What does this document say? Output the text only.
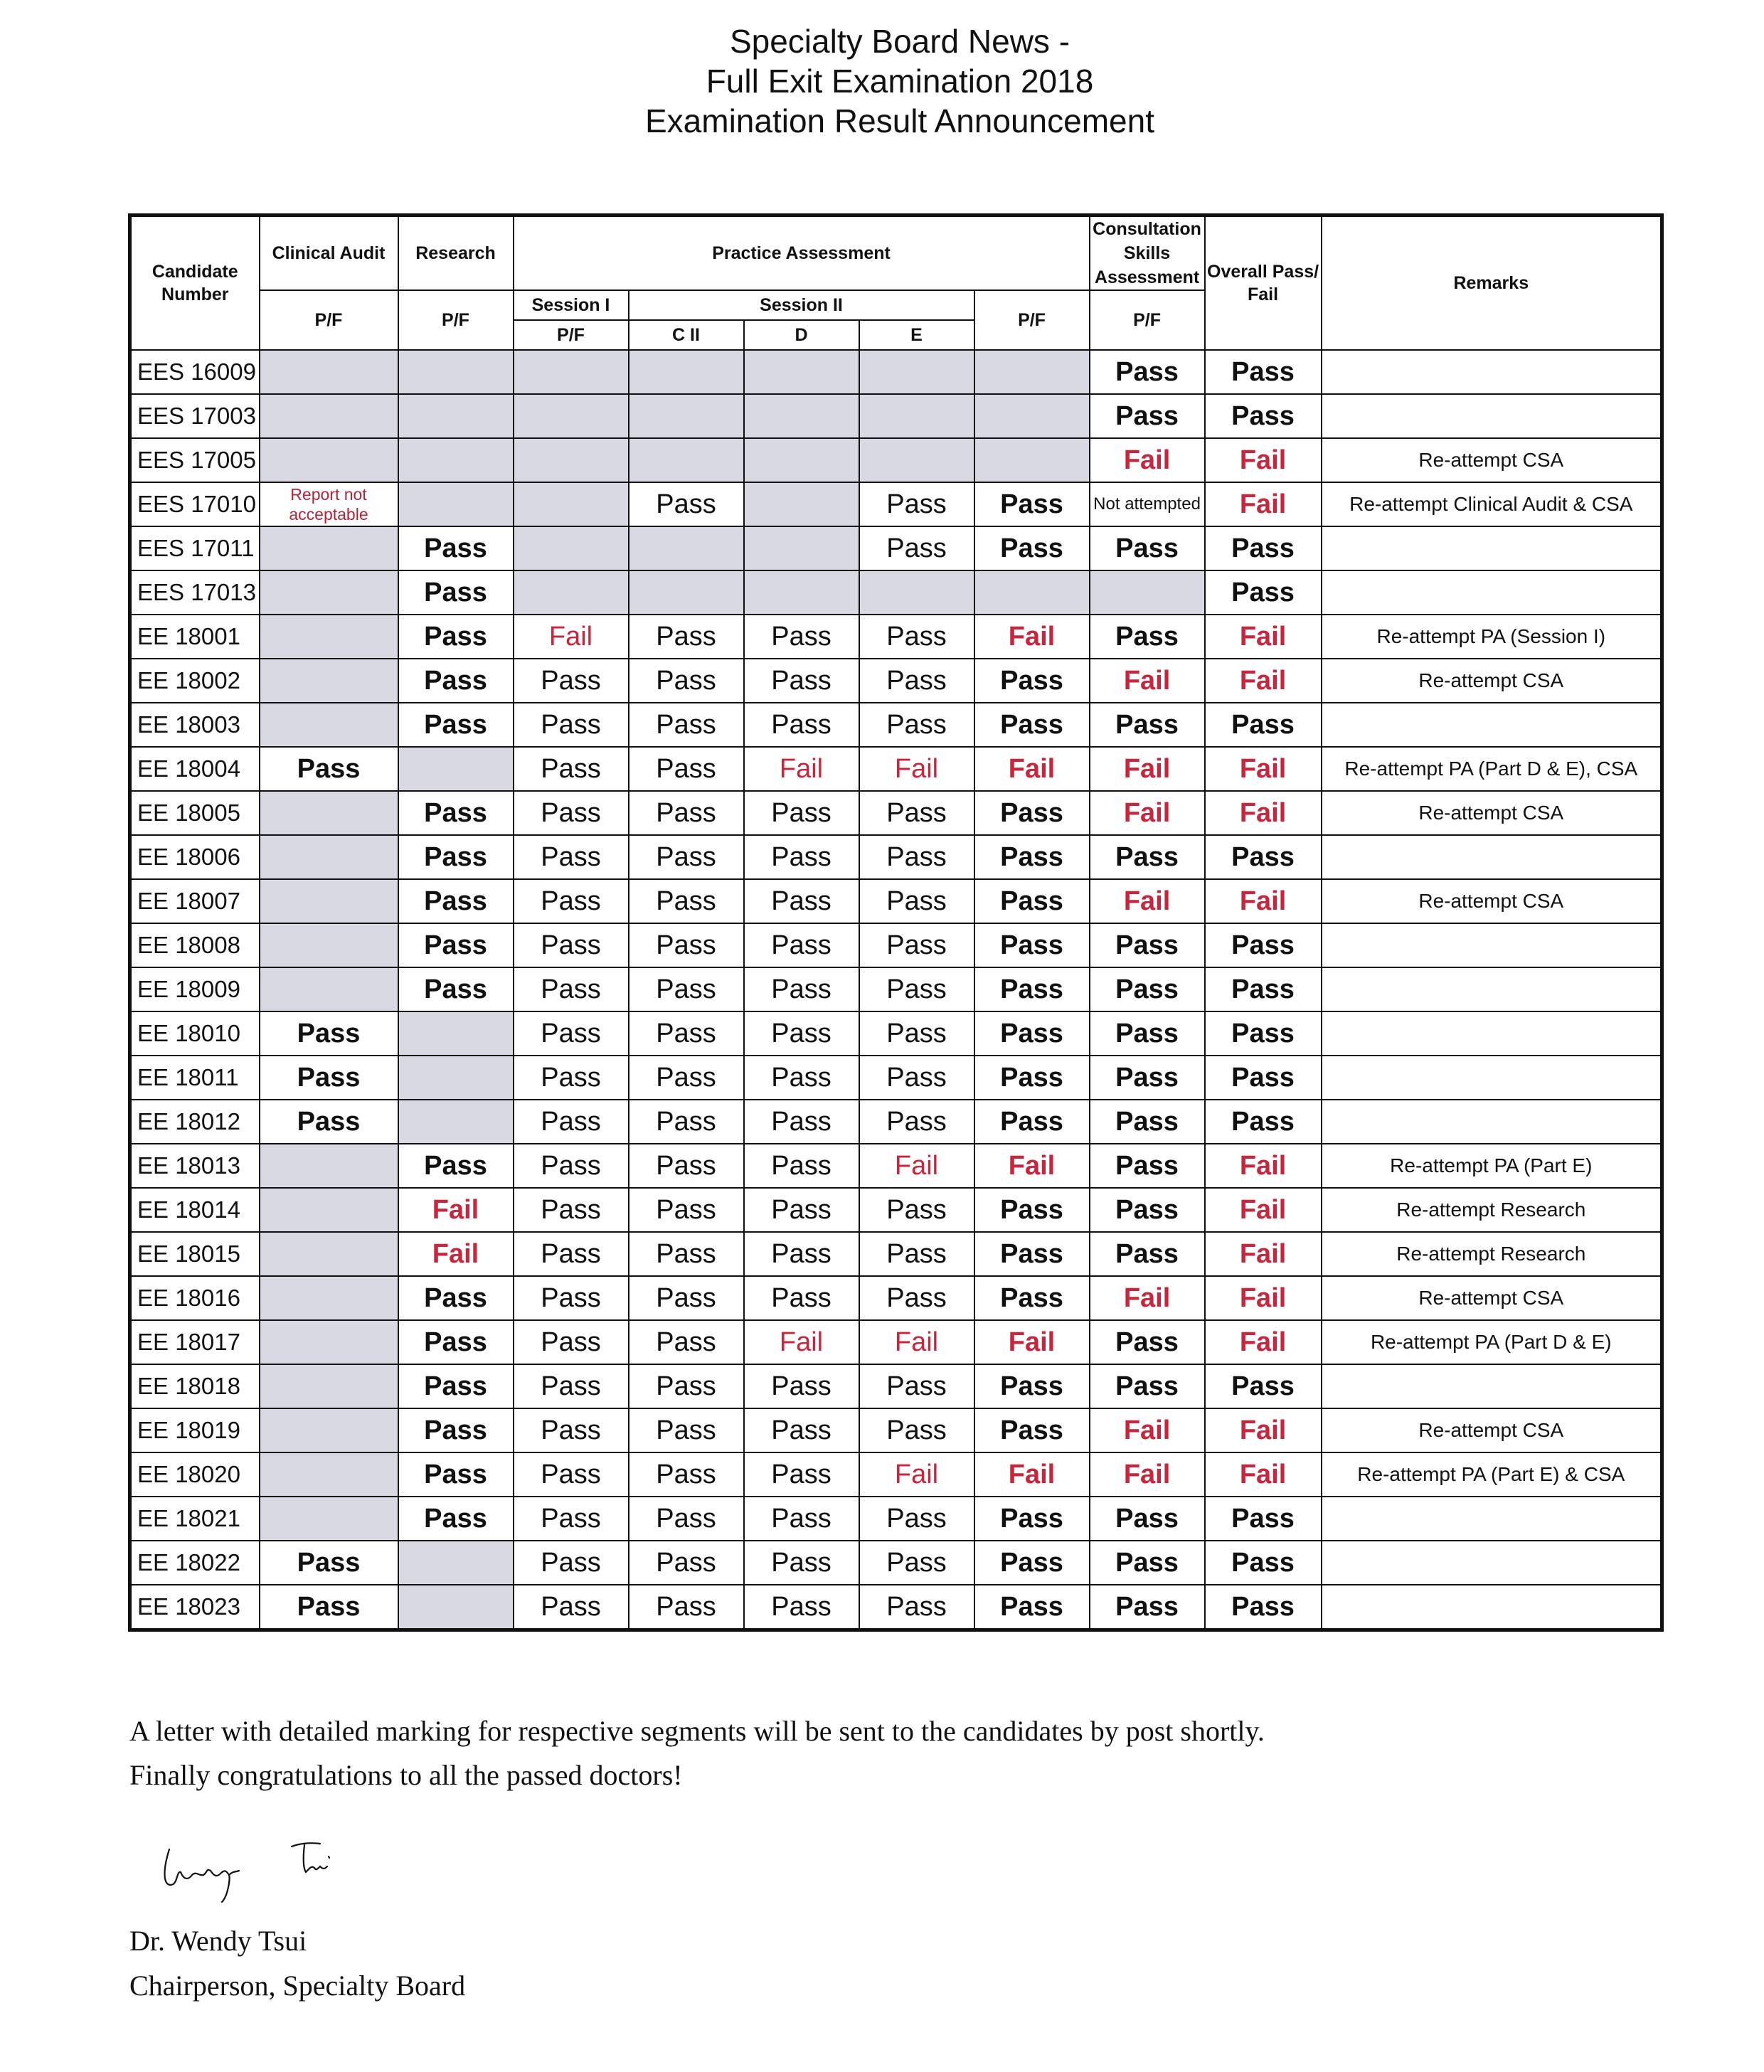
Specialty Board News -
Full Exit Examination 2018
Examination Result Announcement
Candidate Number	Clinical Audit	Research	Practice Assessment					Consultation Skills Assessment	Overall Pass/ Fail	Remarks
	P/F	P/F	Session I	Session II			P/F	P/F		
			P/F	C II	D	E				
EES 16009								Pass	Pass	
EES 17003								Pass	Pass	
EES 17005								Fail	Fail	Re-attempt CSA
EES 17010	Report not acceptable			Pass		Pass	Pass	Not attempted	Fail	Re-attempt Clinical Audit & CSA
EES 17011		Pass				Pass	Pass	Pass	Pass	
EES 17013		Pass							Pass	
EE 18001		Pass	Fail	Pass	Pass	Pass	Fail	Pass	Fail	Re-attempt PA (Session I)
EE 18002		Pass	Pass	Pass	Pass	Pass	Pass	Fail	Fail	Re-attempt CSA
EE 18003		Pass	Pass	Pass	Pass	Pass	Pass	Pass	Pass	
EE 18004	Pass		Pass	Pass	Fail	Fail	Fail	Fail	Fail	Re-attempt PA (Part D & E), CSA
EE 18005		Pass	Pass	Pass	Pass	Pass	Pass	Fail	Fail	Re-attempt CSA
EE 18006		Pass	Pass	Pass	Pass	Pass	Pass	Pass	Pass	
EE 18007		Pass	Pass	Pass	Pass	Pass	Pass	Fail	Fail	Re-attempt CSA
EE 18008		Pass	Pass	Pass	Pass	Pass	Pass	Pass	Pass	
EE 18009		Pass	Pass	Pass	Pass	Pass	Pass	Pass	Pass	
EE 18010	Pass		Pass	Pass	Pass	Pass	Pass	Pass	Pass	
EE 18011	Pass		Pass	Pass	Pass	Pass	Pass	Pass	Pass	
EE 18012	Pass		Pass	Pass	Pass	Pass	Pass	Pass	Pass	
EE 18013		Pass	Pass	Pass	Pass	Fail	Fail	Pass	Fail	Re-attempt PA (Part E)
EE 18014		Fail	Pass	Pass	Pass	Pass	Pass	Pass	Fail	Re-attempt Research
EE 18015		Fail	Pass	Pass	Pass	Pass	Pass	Pass	Fail	Re-attempt Research
EE 18016		Pass	Pass	Pass	Pass	Pass	Pass	Fail	Fail	Re-attempt CSA
EE 18017		Pass	Pass	Pass	Fail	Fail	Fail	Pass	Fail	Re-attempt PA (Part D & E)
EE 18018		Pass	Pass	Pass	Pass	Pass	Pass	Pass	Pass	
EE 18019		Pass	Pass	Pass	Pass	Pass	Pass	Fail	Fail	Re-attempt CSA
EE 18020		Pass	Pass	Pass	Pass	Fail	Fail	Fail	Fail	Re-attempt PA (Part E) & CSA
EE 18021		Pass	Pass	Pass	Pass	Pass	Pass	Pass	Pass	
EE 18022	Pass		Pass	Pass	Pass	Pass	Pass	Pass	Pass	
EE 18023	Pass		Pass	Pass	Pass	Pass	Pass	Pass	Pass	
A letter with detailed marking for respective segments will be sent to the candidates by post shortly.
Finally congratulations to all the passed doctors!
Dr. Wendy Tsui
Chairperson, Specialty Board
